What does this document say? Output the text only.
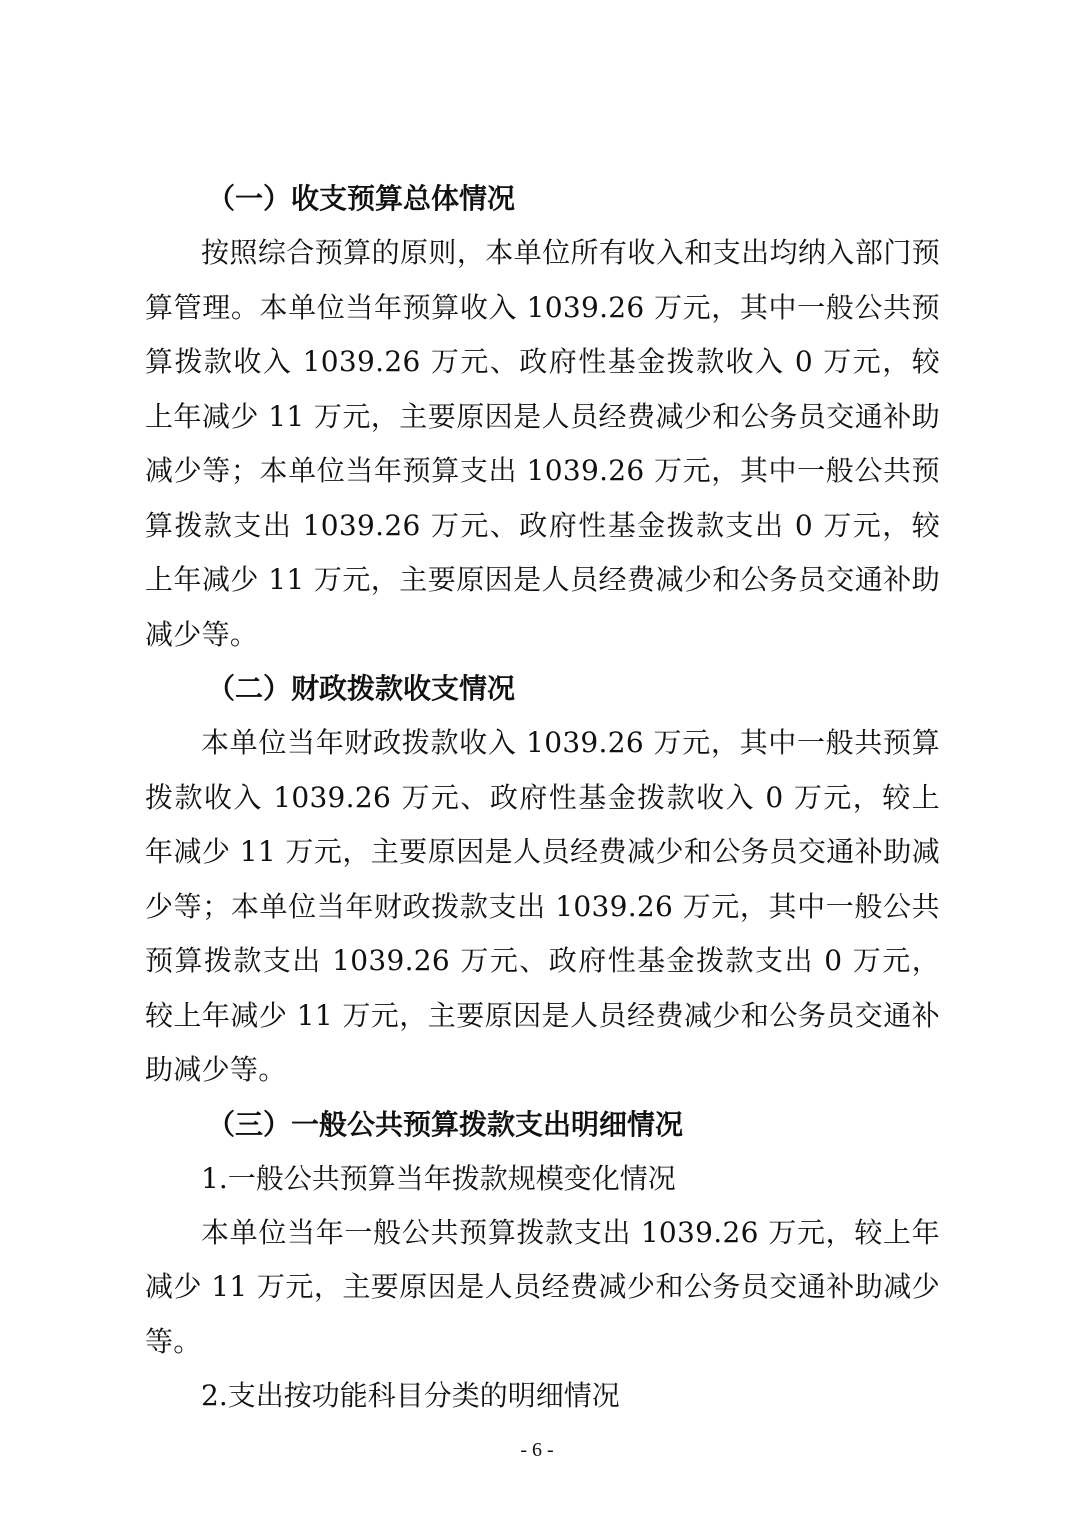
（一）收支预算总体情况

按照综合预算的原则，本单位所有收入和支出均纳入部门预算管理。本单位当年预算收入 1039.26 万元，其中一般公共预算拨款收入 1039.26 万元、政府性基金拨款收入 0 万元，较上年减少 11 万元，主要原因是人员经费减少和公务员交通补助减少等；本单位当年预算支出 1039.26 万元，其中一般公共预算拨款支出 1039.26 万元、政府性基金拨款支出 0 万元，较上年减少 11 万元，主要原因是人员经费减少和公务员交通补助减少等。

（二）财政拨款收支情况

本单位当年财政拨款收入 1039.26 万元，其中一般共预算拨款收入 1039.26 万元、政府性基金拨款收入 0 万元，较上年减少 11 万元，主要原因是人员经费减少和公务员交通补助减少等；本单位当年财政拨款支出 1039.26 万元，其中一般公共预算拨款支出 1039.26 万元、政府性基金拨款支出 0 万元，较上年减少 11 万元，主要原因是人员经费减少和公务员交通补助减少等。

（三）一般公共预算拨款支出明细情况

1.一般公共预算当年拨款规模变化情况

本单位当年一般公共预算拨款支出 1039.26 万元，较上年减少 11 万元，主要原因是人员经费减少和公务员交通补助减少等。

2.支出按功能科目分类的明细情况

- 6 -
